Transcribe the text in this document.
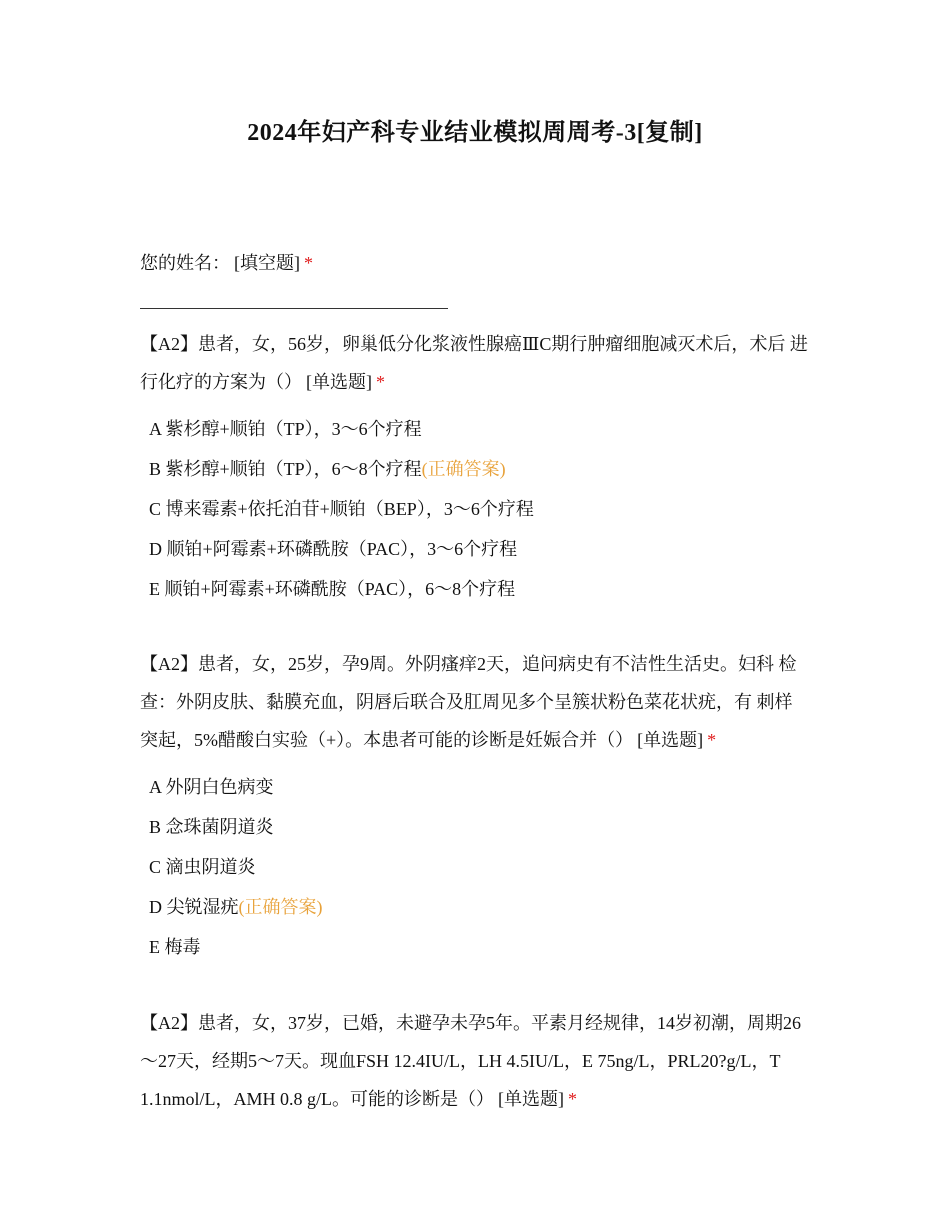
2024年妇产科专业结业模拟周周考-3[复制]
您的姓名： [填空题] *
【A2】患者，女，56岁，卵巢低分化浆液性腺癌ⅢC期行肿瘤细胞减灭术后，术后 进行化疗的方案为（） [单选题] *
A 紫杉醇+顺铂（TP），3～6个疗程
B 紫杉醇+顺铂（TP），6～8个疗程(正确答案)
C 博来霉素+依托泊苷+顺铂（BEP），3～6个疗程
D 顺铂+阿霉素+环磷酰胺（PAC），3～6个疗程
E 顺铂+阿霉素+环磷酰胺（PAC），6～8个疗程
【A2】患者，女，25岁，孕9周。外阴瘙痒2天，追问病史有不洁性生活史。妇科 检查：外阴皮肤、黏膜充血，阴唇后联合及肛周见多个呈簇状粉色菜花状疣，有 刺样突起，5%醋酸白实验（+）。本患者可能的诊断是妊娠合并（） [单选题] *
A 外阴白色病变
B 念珠菌阴道炎
C 滴虫阴道炎
D 尖锐湿疣(正确答案)
E 梅毒
【A2】患者，女，37岁，已婚，未避孕未孕5年。平素月经规律，14岁初潮，周期26～27天，经期5～7天。现血FSH 12.4IU/L，LH 4.5IU/L，E 75ng/L，PRL20?g/L，T 1.1nmol/L，AMH 0.8 g/L。可能的诊断是（） [单选题] *
